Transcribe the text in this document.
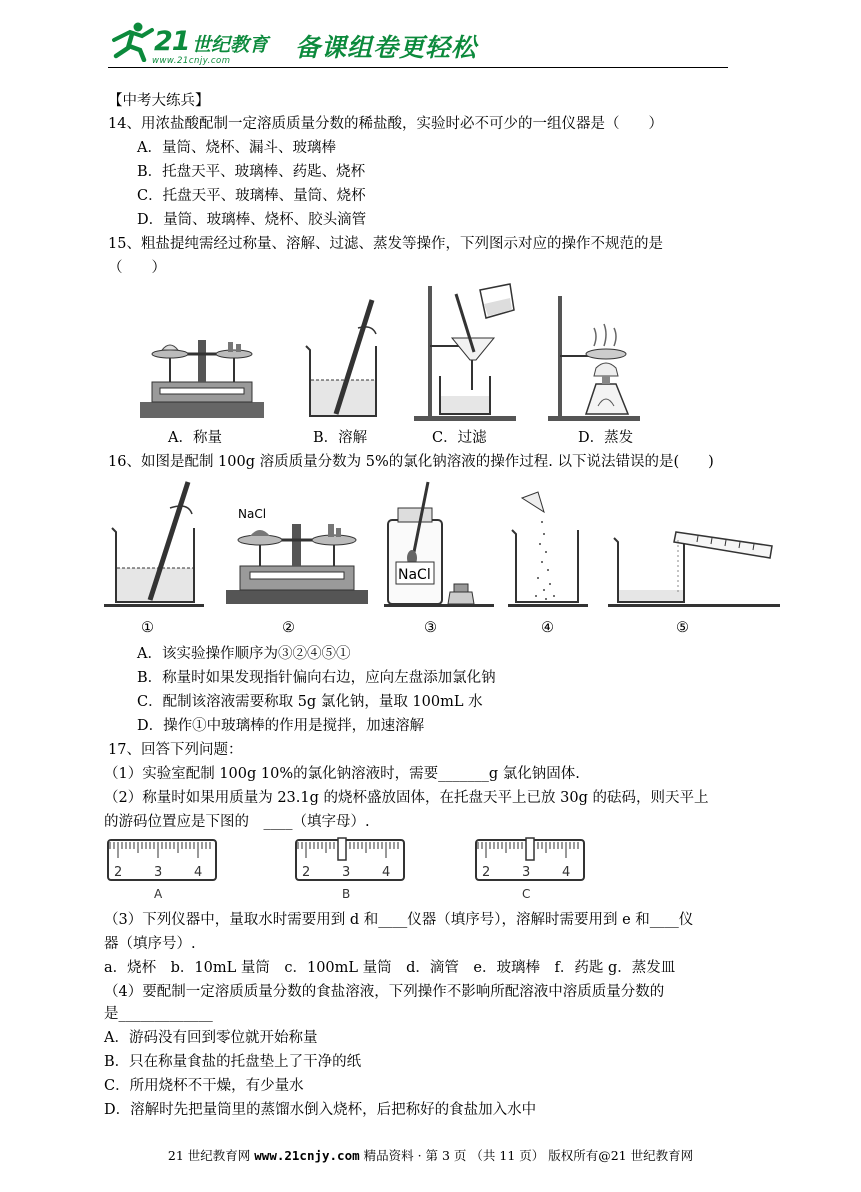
21 世纪教育
www.21cnjy.com	备课组卷更轻松
【中考大练兵】
14、用浓盐酸配制一定溶质质量分数的稀盐酸，实验时必不可少的一组仪器是（　　）
A．量筒、烧杯、漏斗、玻璃棒
B．托盘天平、玻璃棒、药匙、烧杯
C．托盘天平、玻璃棒、量筒、烧杯
D．量筒、玻璃棒、烧杯、胶头滴管
15、粗盐提纯需经过称量、溶解、过滤、蒸发等操作，下列图示对应的操作不规范的是
（　　）
A．称量	B．溶解	C．过滤	D．蒸发
16、如图是配制 100g 溶质质量分数为 5%的氯化钠溶液的操作过程. 以下说法错误的是(　　)
NaCl
NaCl
①	②	③	④	⑤
A．该实验操作顺序为③②④⑤①
B．称量时如果发现指针偏向右边，应向左盘添加氯化钠
C．配制该溶液需要称取 5g 氯化钠，量取 100mL 水
D．操作①中玻璃棒的作用是搅拌，加速溶解
17、回答下列问题：
（1）实验室配制 100g 10%的氯化钠溶液时，需要_______g 氯化钠固体.
（2）称量时如果用质量为 23.1g 的烧杯盛放固体，在托盘天平上已放 30g 的砝码，则天平上
的游码位置应是下图的　____（填字母）.
2 3 4
A
2 3 4
B
2 3 4
C
（3）下列仪器中，量取水时需要用到 d 和____仪器（填序号），溶解时需要用到 e 和____仪
器（填序号）.
a．烧杯　b．10mL 量筒　c．100mL 量筒　d．滴管　e．玻璃棒　f．药匙 g．蒸发皿
（4）要配制一定溶质质量分数的食盐溶液，下列操作不影响所配溶液中溶质质量分数的
是_____________
A．游码没有回到零位就开始称量
B．只在称量食盐的托盘垫上了干净的纸
C．所用烧杯不干燥，有少量水
D．溶解时先把量筒里的蒸馏水倒入烧杯，后把称好的食盐加入水中
21 世纪教育网 www.21cnjy.com 精品资料 · 第 3 页 （共 11 页） 版权所有@21 世纪教育网
